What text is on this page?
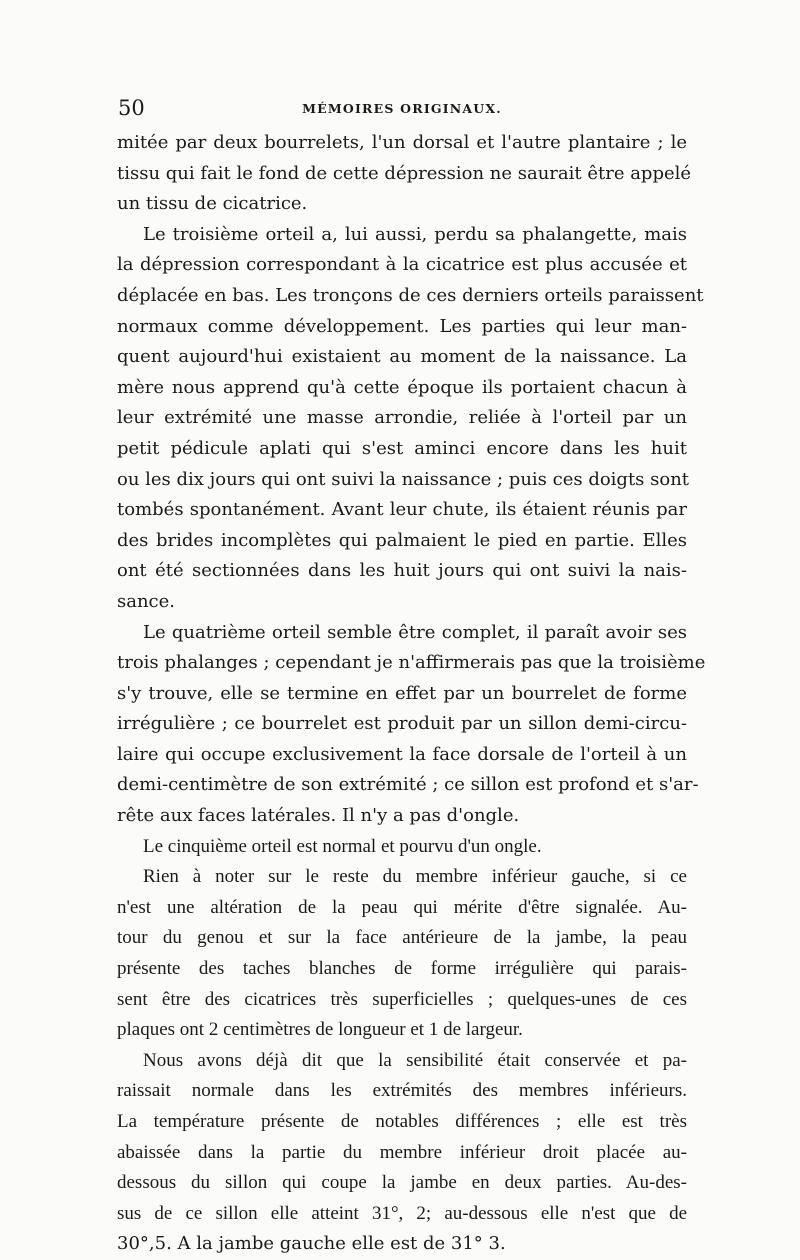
50	MÉMOIRES ORIGINAUX.
mitée par deux bourrelets, l'un dorsal et l'autre plantaire ; le
tissu qui fait le fond de cette dépression ne saurait être appelé
un tissu de cicatrice.
Le troisième orteil a, lui aussi, perdu sa phalangette, mais
la dépression correspondant à la cicatrice est plus accusée et
déplacée en bas. Les tronçons de ces derniers orteils paraissent
normaux comme développement. Les parties qui leur man-
quent aujourd'hui existaient au moment de la naissance. La
mère nous apprend qu'à cette époque ils portaient chacun à
leur extrémité une masse arrondie, reliée à l'orteil par un
petit pédicule aplati qui s'est aminci encore dans les huit
ou les dix jours qui ont suivi la naissance ; puis ces doigts sont
tombés spontanément. Avant leur chute, ils étaient réunis par
des brides incomplètes qui palmaient le pied en partie. Elles
ont été sectionnées dans les huit jours qui ont suivi la nais-
sance.
Le quatrième orteil semble être complet, il paraît avoir ses
trois phalanges ; cependant je n'affirmerais pas que la troisième
s'y trouve, elle se termine en effet par un bourrelet de forme
irrégulière ; ce bourrelet est produit par un sillon demi-circu-
laire qui occupe exclusivement la face dorsale de l'orteil à un
demi-centimètre de son extrémité ; ce sillon est profond et s'ar-
rête aux faces latérales. Il n'y a pas d'ongle.
Le cinquième orteil est normal et pourvu d'un ongle.
Rien à noter sur le reste du membre inférieur gauche, si ce
n'est une altération de la peau qui mérite d'être signalée. Au-
tour du genou et sur la face antérieure de la jambe, la peau
présente des taches blanches de forme irrégulière qui parais-
sent être des cicatrices très superficielles ; quelques-unes de ces
plaques ont 2 centimètres de longueur et 1 de largeur.
Nous avons déjà dit que la sensibilité était conservée et pa-
raissait normale dans les extrémités des membres inférieurs.
La température présente de notables différences ; elle est très
abaissée dans la partie du membre inférieur droit placée au-
dessous du sillon qui coupe la jambe en deux parties. Au-des-
sus de ce sillon elle atteint 31°, 2; au-dessous elle n'est que de
30°,5. A la jambe gauche elle est de 31° 3.
